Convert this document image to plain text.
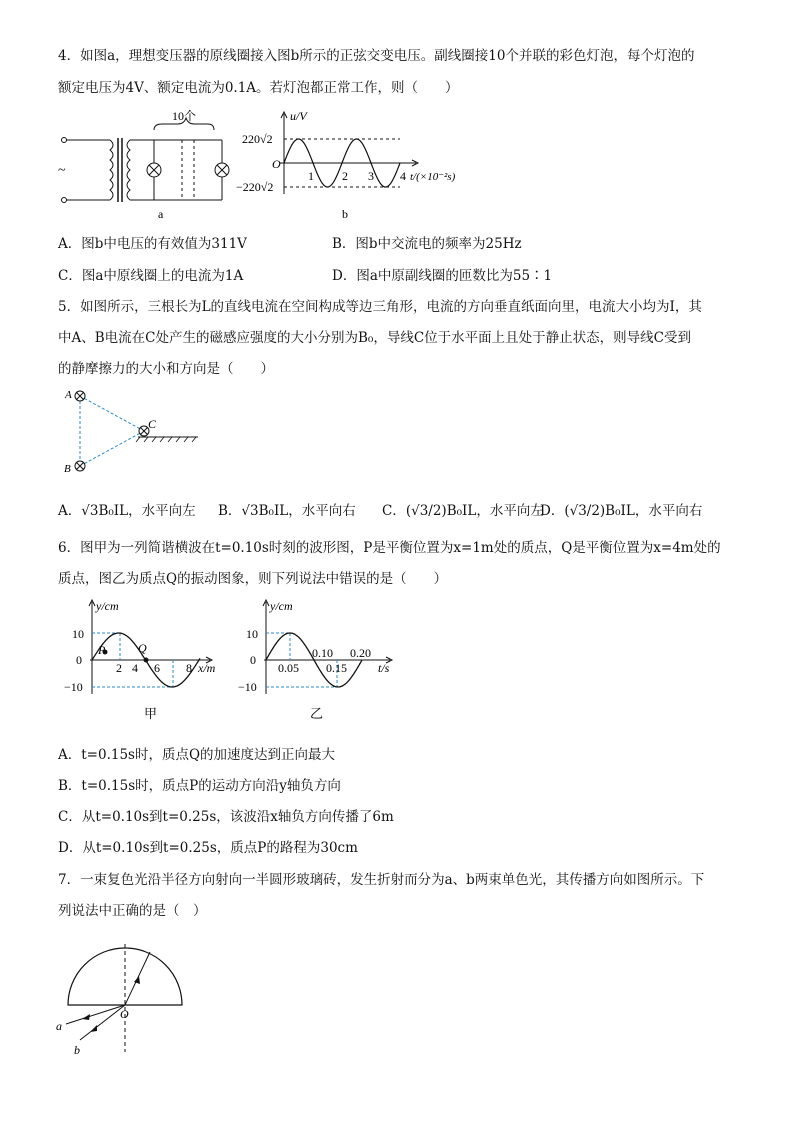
4．如图a，理想变压器的原线圈接入图b所示的正弦交变电压。副线圈接10个并联的彩色灯泡，每个灯泡的
额定电压为4V、额定电流为0.1A。若灯泡都正常工作，则（　　）
10个
~
a
u/V
220√2
−220√2
O
1 2 3 4 t/(×10⁻²s)
b
A．图b中电压的有效值为311V	B．图b中交流电的频率为25Hz
C．图a中原线圈上的电流为1A	D．图a中原副线圈的匝数比为55∶1
5．如图所示，三根长为L的直线电流在空间构成等边三角形，电流的方向垂直纸面向里，电流大小均为I，其
中A、B电流在C处产生的磁感应强度的大小分别为B₀，导线C位于水平面上且处于静止状态，则导线C受到
的静摩擦力的大小和方向是（　　）
A
B
C
A．√3B₀IL，水平向左 B．√3B₀IL，水平向右 C．(√3/2)B₀IL，水平向左
D．(√3/2)B₀IL，水平向右
6．图甲为一列简谐横波在t=0.10s时刻的波形图，P是平衡位置为x=1m处的质点，Q是平衡位置为x=4m处的
质点，图乙为质点Q的振动图象，则下列说法中错误的是（　　）
y/cm
10
0
−10
2 4 6 8 x/m
P	Q
甲
y/cm
10
0
−10
0.05
0.10
0.15
0.20
t/s
乙
A．t=0.15s时，质点Q的加速度达到正向最大
B．t=0.15s时，质点P的运动方向沿y轴负方向
C．从t=0.10s到t=0.25s，该波沿x轴负方向传播了6m
D．从t=0.10s到t=0.25s，质点P的路程为30cm
7．一束复色光沿半径方向射向一半圆形玻璃砖，发生折射而分为a、b两束单色光，其传播方向如图所示。下
列说法中正确的是（　）
O
a
b
